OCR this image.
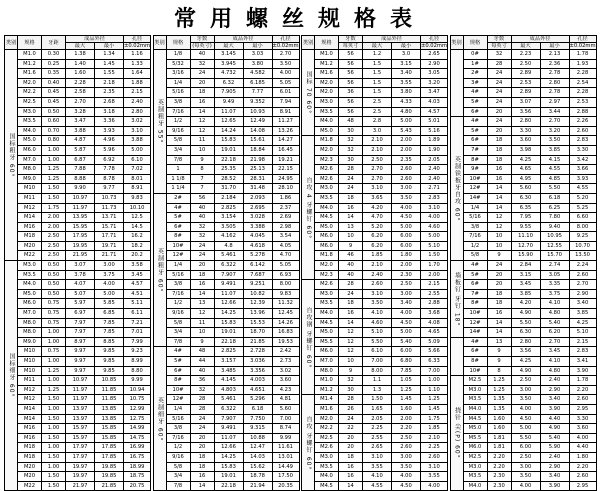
常用螺丝规格表
类别	规格	牙距	成品外径		孔径
			最大	最小	±0.02mm
国标粗牙 60°	M1.0	0.30	1.38	1.34	1.16
	M1.2	0.25	1.40	1.45	1.33
	M1.6	0.35	1.60	1.55	1.64
	M2.0	0.40	2.28	2.18	1.88
	M2.2	0.45	2.58	2.35	2.15
	M2.5	0.45	2.70	2.68	2.40
	M3.0	0.50	3.28	3.18	2.80
	M3.5	0.60	3.47	3.36	3.02
	M4.0	0.70	3.88	3.93	3.10
	M5.0	0.80	4.87	4.96	3.88
	M6.0	1.00	5.87	5.96	5.00
	M7.0	1.00	6.87	6.92	6.10
	M8.0	1.25	7.88	7.78	7.02
	M9.0	1.25	8.88	8.78	8.01
	M10	1.50	9.90	9.77	8.91
	M11	1.50	10.97	10.73	9.83
	M12	1.75	11.97	11.73	10.10
	M14	2.00	13.95	13.71	12.5
	M16	2.00	15.95	15.71	14.5
	M18	2.50	17.95	17.71	16.2
	M20	2.50	19.95	19.71	18.2
	M22	2.50	21.95	21.71	20.2
国标细牙 60°	M3.0	0.50	3.07	3.00	3.58
	M3.5	0.50	3.78	3.75	3.45
	M4.0	0.50	4.07	4.00	4.57
	M5.0	0.50	5.07	5.00	4.51
	M6.0	0.75	5.97	5.85	5.11
	M7.0	0.75	6.97	6.85	6.11
	M8.0	0.75	7.97	7.85	7.21
	M8.0	1.00	7.97	7.85	7.01
	M9.0	1.00	8.97	8.85	7.99
	M10	0.75	9.97	9.85	9.23
	M10	1.00	9.97	9.85	8.99
	M10	1.25	9.97	9.85	8.80
	M11	1.00	10.97	10.85	9.99
	M12	1.25	11.97	11.85	10.94
	M12	1.50	11.97	11.85	10.75
	M14	1.00	13.97	13.85	12.99
	M14	1.50	13.97	13.85	12.75
	M16	1.00	15.97	15.85	14.99
	M16	1.50	15.97	15.85	14.75
	M18	1.00	17.97	17.85	16.99
	M18	1.50	17.97	17.85	16.75
	M20	1.00	19.97	19.85	18.99
	M20	1.50	19.97	19.85	18.75
	M22	1.50	21.97	21.85	20.75
类别	规格	牙数	成品外径		孔径
		(每英寸)	最大	最小	±0.02mm
英制粗牙 55°	1/8	40	3.145	3.03	2.70
	5/32	32	3.945	3.80	3.50
	3/16	24	4.732	4.582	4.00
	1/4	20	6.32	6.185	5.05
	5/16	18	7.905	7.77	6.01
	3/8	16	9.49	9.352	7.94
	7/16	14	11.07	10.93	8.91
	1/2	12	12.65	12.49	11.27
	9/16	12	14.24	14.08	13.26
	5/8	11	15.83	15.61	14.27
	3/4	10	19.01	18.84	16.45
	7/8	9	22.18	21.98	19.21
	1	8	25.35	25.13	22.15
	1 1/8	7	28.52	28.31	24.95
	1 1/4	7	31.70	31.48	28.10
英制粗牙 60°	2#	56	2.184	2.093	1.86
	4#	40	2.825	2.695	2.37
	5#	40	3.154	3.028	2.69
	6#	32	3.505	3.388	2.98
	8#	32	4.162	4.045	3.54
	10#	24	4.8	4.618	4.05
	12#	24	5.461	5.278	4.70
	1/4	20	6.322	6.142	5.05
	5/16	18	7.907	7.687	6.93
	3/8	16	9.491	9.251	8.00
	7/16	14	11.07	10.82	9.83
	1/2	13	12.66	12.39	11.32
	9/16	12	14.25	13.96	12.45
	5/8	11	15.83	15.53	14.26
	3/4	10	19.01	18.70	16.83
	7/8	9	22.18	21.85	19.53
英制细牙 60°	4#	48	2.825	2.728	2.42
	5#	44	3.157	3.036	2.73
	6#	40	3.485	3.356	3.02
	8#	36	4.145	4.003	3.60
	10#	32	4.803	4.651	4.23
	12#	28	5.461	5.296	4.81
	1/4	28	6.322	6.18	5.60
	5/16	24	7.907	7.750	7.00
	3/8	24	9.491	9.315	8.74
	7/16	20	11.07	10.88	9.99
	1/2	20	12.66	12.47	11.61
	9/16	18	14.25	14.03	13.01
	5/8	18	15.83	15.62	14.49
	3/4	16	19.01	18.78	17.50
	7/8	14	22.18	21.94	20.35
类别	规格	牙数	成品外径		孔径
		每英寸	最大	最小	±0.02mm
国标 70 60°	M1.0	56	1.2	3.0	2.65
	M1.2	56	1.5	3.15	2.90
	M1.6	56	1.5	3.40	3.05
	M2.0	56	1.5	3.55	3.20
	M2.0	36	1.5	3.80	3.47
	M3.0	56	2.5	4.33	4.03
	M3.5	56	2.5	4.80	4.57
	M4.0	48	2.8	5.00	5.01
	M5.0	30	3.0	5.43	5.16
自攻 4 牙螺钉 60°	M1.8	32	2.10	2.00	1.89
	M2.0	32	2.10	2.00	1.90
	M2.3	30	2.50	2.35	2.05
	M2.6	28	2.70	2.60	2.40
	M2.6	24	2.70	2.60	2.40
	M3.0	24	3.10	3.00	2.71
	M3.5	18	3.65	3.50	2.83
	M4.0	16	4.20	4.00	3.10
	M4.5	14	4.70	4.50	4.00
	M5.0	13	5.20	5.00	4.60
	M6.0	10	6.20	6.00	5.00
	M6.0	9	6.20	6.00	5.10
	M1.8	46	1.85	1.80	1.50
	M2.0	40	2.10	2.00	1.70
	M2.3	40	2.40	2.30	2.00
自攻钢 牙螺钉 60°	M2.6	28	2.60	2.50	2.15
	M3.0	24	3.10	3.00	2.55
	M3.5	18	3.50	3.40	2.88
	M4.0	16	4.10	4.00	3.68
	M4.5	14	4.60	4.50	4.08
	M5.0	12	5.10	5.00	4.65
	M5.5	12	5.50	5.40	5.09
	M6.0	12	6.10	6.00	5.66
	M7.0	10	7.00	6.80	6.33
	M8.0	9	8.00	7.85	7.00
	M1.0	32	1.1	1.05	1.00
	M1.2	30	1.3	1.25	1.10
自攻 牙螺钉 60°	M1.4	28	1.50	1.45	1.25
	M1.6	26	1.65	1.60	1.45
	M2.0	24	2.05	2.00	1.75
	M2.2	22	2.25	2.20	1.85
	M2.5	20	2.55	2.50	2.10
	M2.6	20	2.65	2.60	2.25
	M3.0	18	3.10	3.00	2.60
	M3.5	16	3.55	3.50	3.10
	M4.0	16	4.10	4.00	3.55
	M4.5	14	4.55	4.50	4.00
类别	规格	牙数	成品外径		孔径
		每英寸	最大	最小	±0.02mm
	0#	32	2.23	2.13	1.78
	1#	28	2.50	2.36	1.93
	2#	24	2.89	2.78	2.28
	3#	24	2.53	2.80	2.54
	4#	24	2.89	2.78	2.28
	5#	24	3.07	2.97	2.53
	6#	20	3.56	3.44	2.88
英制铁板牙自攻 60°	4#	24	2.80	2.70	2.26
	5#	20	3.30	3.20	2.60
	6#	18	3.60	3.50	2.83
	7#	18	3.98	3.85	3.30
	8#	18	4.25	4.15	3.42
	9#	16	4.65	4.55	3.66
	10#	16	4.95	4.85	3.93
	12#	14	5.60	5.50	4.55
	14#	14	6.30	6.18	5.20
	1/4	14	6.35	6.25	5.25
	5/16	12	7.95	7.80	6.60
	3/8	12	9.55	9.40	8.00
	7/16	10	11.10	10.95	9.25
	1/2	10	12.70	12.55	10.70
	5/8	9	15.90	15.70	13.50
墙板钉 牙钉 18°	4#	24	2.84	2.74	2.24
	5#	20	3.15	3.05	2.60
	6#	20	3.45	3.35	2.70
	7#	18	3.85	3.75	2.90
	8#	18	4.20	4.10	3.40
	10#	16	4.90	4.80	3.85
	12#	14	5.50	5.40	4.25
	14#	14	6.30	6.20	5.10
	4#	13	2.80	2.70	2.15
	6#	9	3.56	3.45	2.83
	8#	9	4.25	4.10	3.41
	10#	8	4.90	4.80	3.90
挠针 尖(P) 60°	M2.5	1.25	2.50	2.40	1.78
	M3.0	1.25	3.00	2.90	2.20
	M3.5	1.35	3.50	3.40	2.60
	M4.0	1.35	4.00	3.90	2.95
	M4.5	1.60	4.50	4.40	3.30
	M5.0	1.60	5.00	4.90	3.60
	M5.5	1.81	5.50	5.40	4.00
	M6.0	1.81	6.00	5.90	4.40
	M2.5	2.20	2.50	2.40	1.80
	M3.0	2.20	3.00	2.90	2.20
	M3.5	2.30	3.50	3.40	2.60
	M4.0	2.30	4.00	3.90	2.95
